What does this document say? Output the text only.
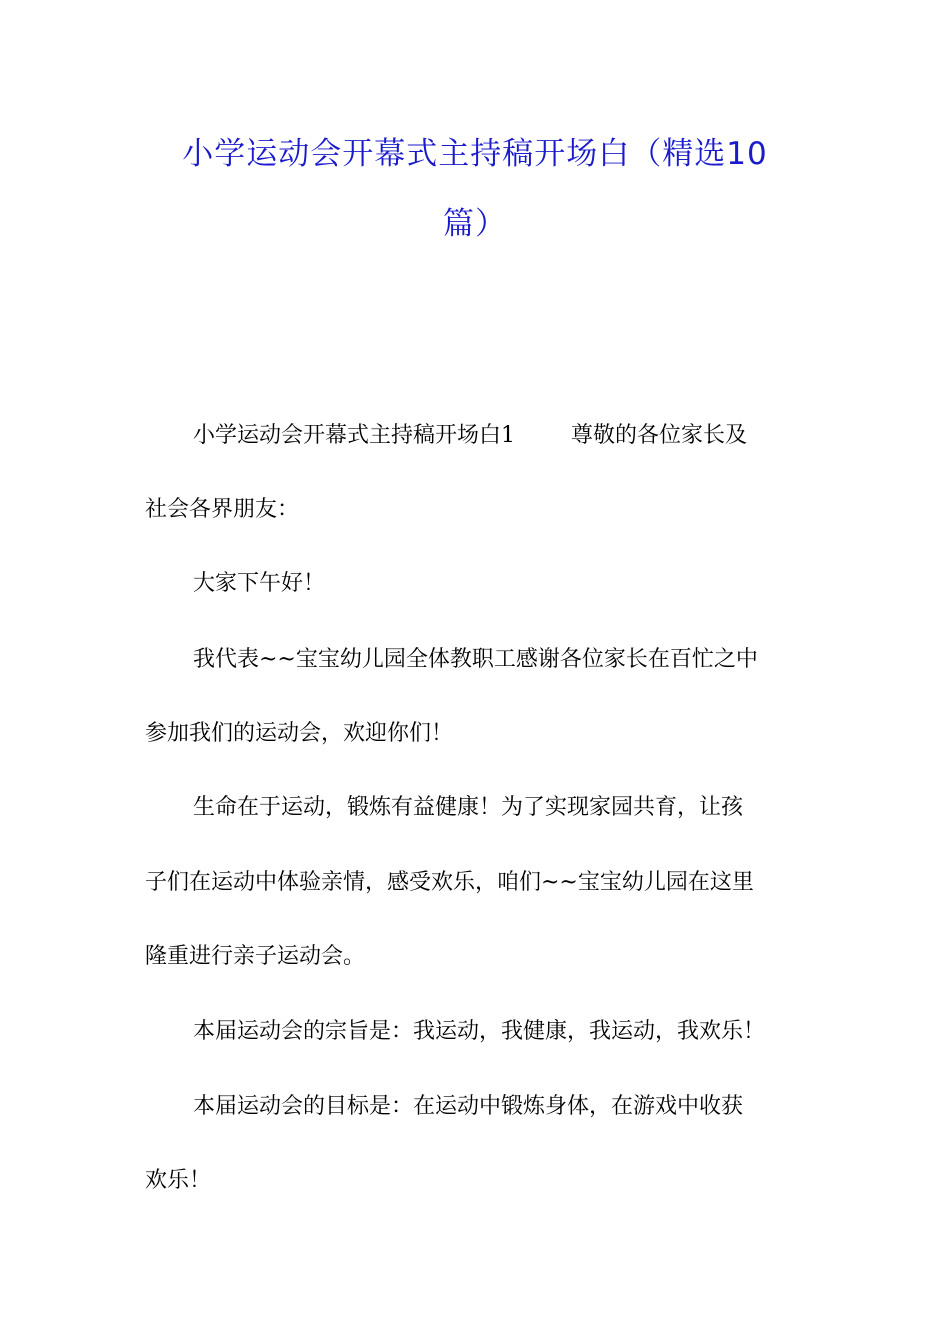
小学运动会开幕式主持稿开场白（精选10
篇）

小学运动会开幕式主持稿开场白1        尊敬的各位家长及

社会各界朋友：

大家下午好！

我代表~~宝宝幼儿园全体教职工感谢各位家长在百忙之中

参加我们的运动会，欢迎你们！

生命在于运动，锻炼有益健康！为了实现家园共育，让孩

子们在运动中体验亲情，感受欢乐，咱们~~宝宝幼儿园在这里

隆重进行亲子运动会。

本届运动会的宗旨是：我运动，我健康，我运动，我欢乐！

本届运动会的目标是：在运动中锻炼身体，在游戏中收获

欢乐！
